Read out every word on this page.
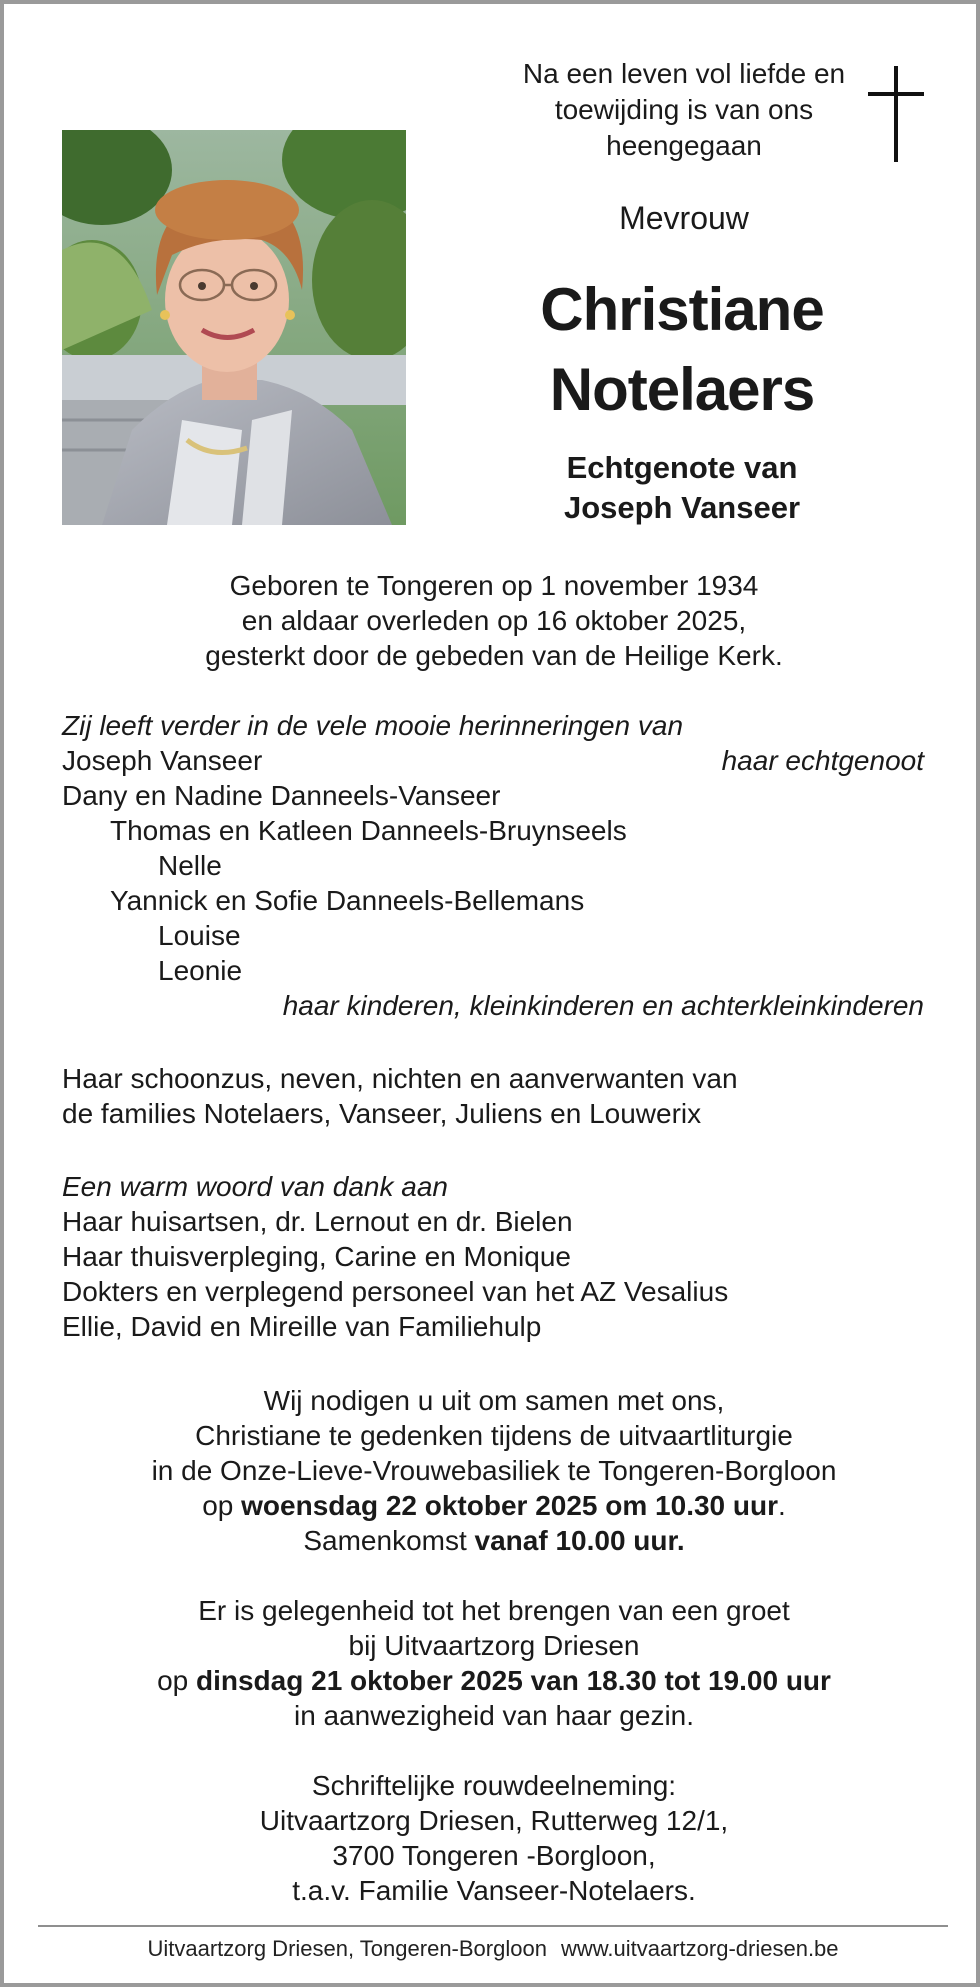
Na een leven vol liefde en
toewijding is van ons
heengegaan
Mevrouw
Christiane
Notelaers
Echtgenote van
Joseph Vanseer
Geboren te Tongeren op 1 november 1934
en aldaar overleden op 16 oktober 2025,
gesterkt door de gebeden van de Heilige Kerk.
Zij leeft verder in de vele mooie herinneringen van
Joseph Vanseer	haar echtgenoot
Dany en Nadine Danneels-Vanseer
Thomas en Katleen Danneels-Bruynseels
Nelle
Yannick en Sofie Danneels-Bellemans
Louise
Leonie
haar kinderen, kleinkinderen en achterkleinkinderen
Haar schoonzus, neven, nichten en aanverwanten van
de families Notelaers, Vanseer, Juliens en Louwerix
Een warm woord van dank aan
Haar huisartsen, dr. Lernout en dr. Bielen
Haar thuisverpleging, Carine en Monique
Dokters en verplegend personeel van het AZ Vesalius
Ellie, David en Mireille van Familiehulp
Wij nodigen u uit om samen met ons,
Christiane te gedenken tijdens de uitvaartliturgie
in de Onze-Lieve-Vrouwebasiliek te Tongeren-Borgloon
op woensdag 22 oktober 2025 om 10.30 uur.
Samenkomst vanaf 10.00 uur.
Er is gelegenheid tot het brengen van een groet
bij Uitvaartzorg Driesen
op dinsdag 21 oktober 2025 van 18.30 tot 19.00 uur
in aanwezigheid van haar gezin.
Schriftelijke rouwdeelneming:
Uitvaartzorg Driesen, Rutterweg 12/1,
3700 Tongeren -Borgloon,
t.a.v. Familie Vanseer-Notelaers.
Uitvaartzorg Driesen, Tongeren-Borgloon www.uitvaartzorg-driesen.be
